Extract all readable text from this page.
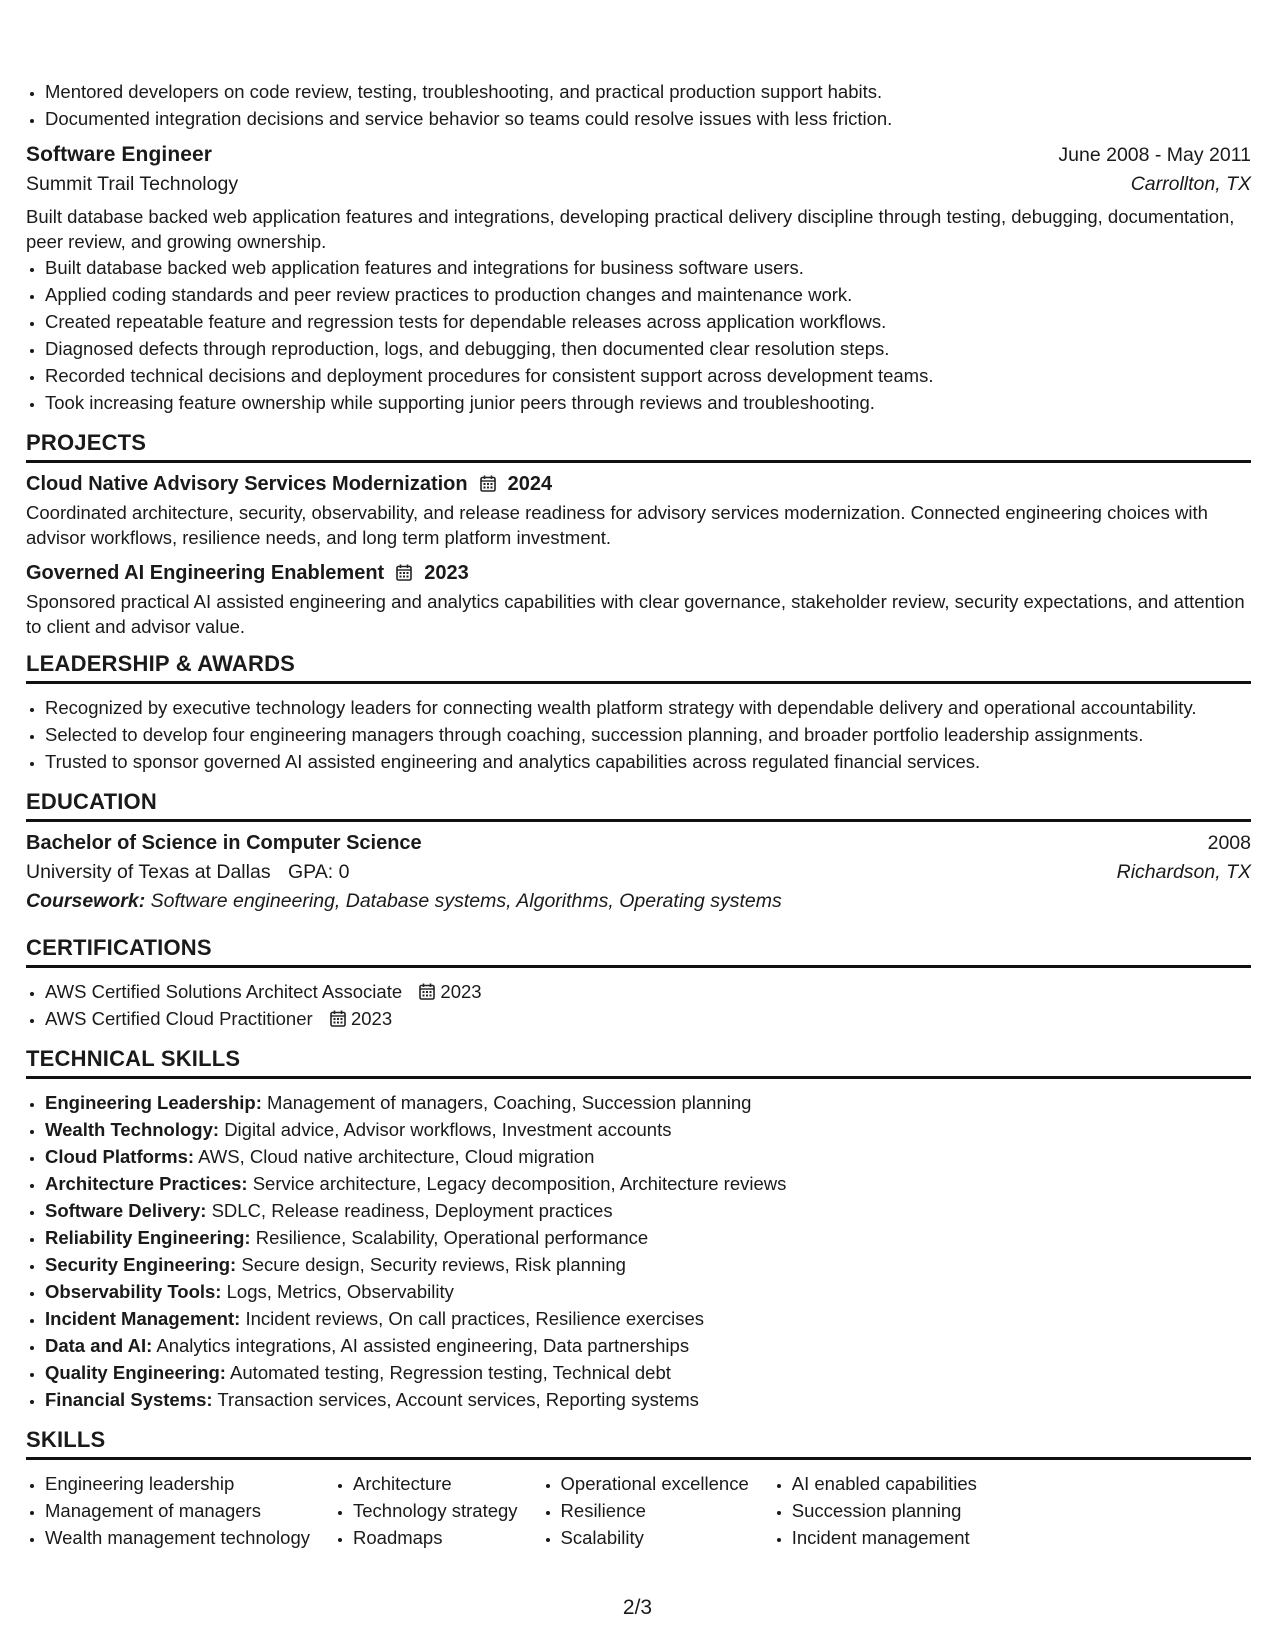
• Mentored developers on code review, testing, troubleshooting, and practical production support habits.
• Documented integration decisions and service behavior so teams could resolve issues with less friction.
Software Engineer	June 2008 - May 2011
Summit Trail Technology	Carrollton, TX
Built database backed web application features and integrations, developing practical delivery discipline through testing, debugging, documentation, peer review, and growing ownership.
• Built database backed web application features and integrations for business software users.
• Applied coding standards and peer review practices to production changes and maintenance work.
• Created repeatable feature and regression tests for dependable releases across application workflows.
• Diagnosed defects through reproduction, logs, and debugging, then documented clear resolution steps.
• Recorded technical decisions and deployment procedures for consistent support across development teams.
• Took increasing feature ownership while supporting junior peers through reviews and troubleshooting.
PROJECTS
Cloud Native Advisory Services Modernization 2024
Coordinated architecture, security, observability, and release readiness for advisory services modernization. Connected engineering choices with advisor workflows, resilience needs, and long term platform investment.
Governed AI Engineering Enablement 2023
Sponsored practical AI assisted engineering and analytics capabilities with clear governance, stakeholder review, security expectations, and attention to client and advisor value.
LEADERSHIP & AWARDS
• Recognized by executive technology leaders for connecting wealth platform strategy with dependable delivery and operational accountability.
• Selected to develop four engineering managers through coaching, succession planning, and broader portfolio leadership assignments.
• Trusted to sponsor governed AI assisted engineering and analytics capabilities across regulated financial services.
EDUCATION
Bachelor of Science in Computer Science	2008
University of Texas at Dallas GPA: 0	Richardson, TX
Coursework: Software engineering, Database systems, Algorithms, Operating systems
CERTIFICATIONS
• AWS Certified Solutions Architect Associate 2023
• AWS Certified Cloud Practitioner 2023
TECHNICAL SKILLS
• Engineering Leadership: Management of managers, Coaching, Succession planning
• Wealth Technology: Digital advice, Advisor workflows, Investment accounts
• Cloud Platforms: AWS, Cloud native architecture, Cloud migration
• Architecture Practices: Service architecture, Legacy decomposition, Architecture reviews
• Software Delivery: SDLC, Release readiness, Deployment practices
• Reliability Engineering: Resilience, Scalability, Operational performance
• Security Engineering: Secure design, Security reviews, Risk planning
• Observability Tools: Logs, Metrics, Observability
• Incident Management: Incident reviews, On call practices, Resilience exercises
• Data and AI: Analytics integrations, AI assisted engineering, Data partnerships
• Quality Engineering: Automated testing, Regression testing, Technical debt
• Financial Systems: Transaction services, Account services, Reporting systems
SKILLS
• Engineering leadership
• Management of managers
• Wealth management technology
• Architecture
• Technology strategy
• Roadmaps
• Operational excellence
• Resilience
• Scalability
• AI enabled capabilities
• Succession planning
• Incident management
2/3
